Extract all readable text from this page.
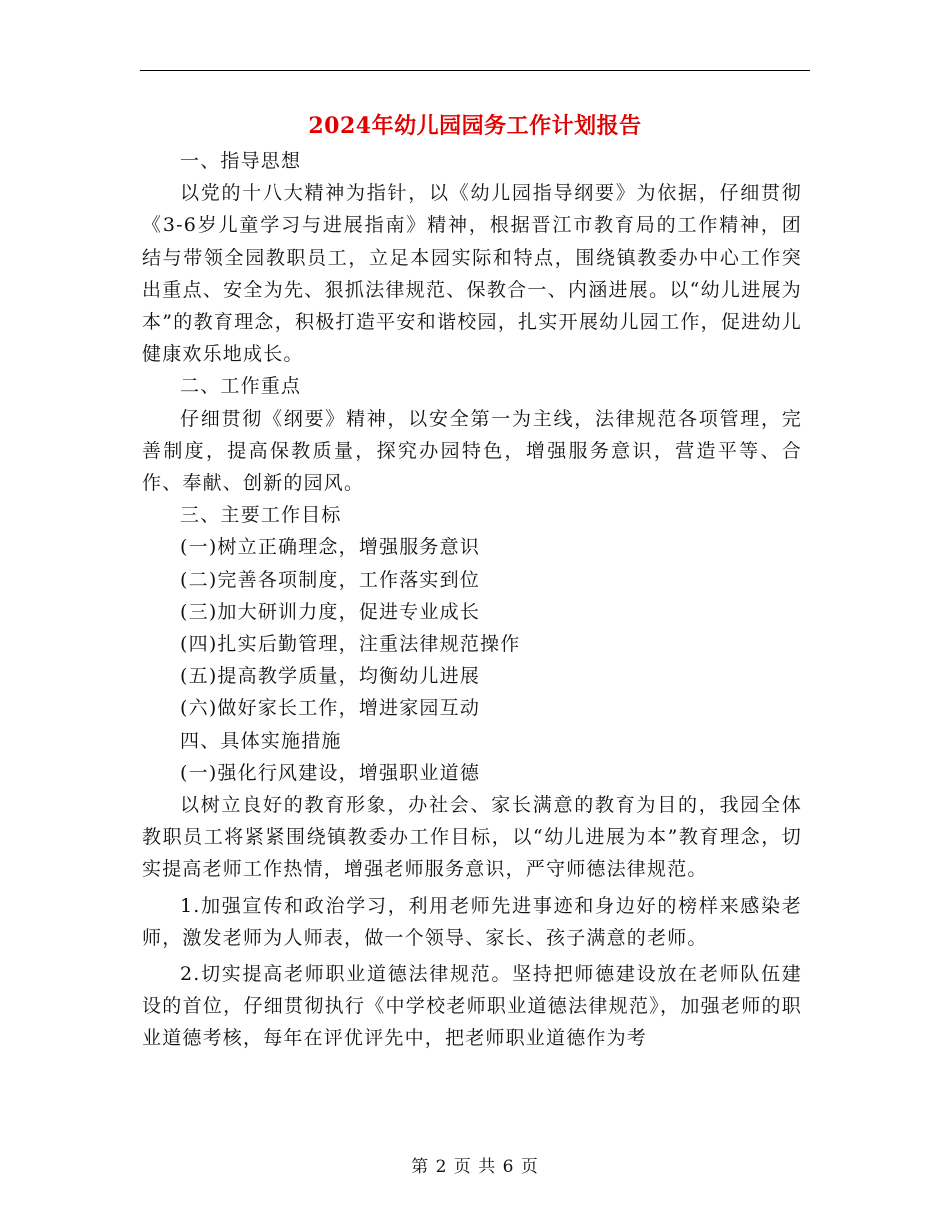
2024年幼儿园园务工作计划报告

一、指导思想

以党的十八大精神为指针，以《幼儿园指导纲要》为依据，仔细贯彻《3-6岁儿童学习与进展指南》精神，根据晋江市教育局的工作精神，团结与带领全园教职员工，立足本园实际和特点，围绕镇教委办中心工作突出重点、安全为先、狠抓法律规范、保教合一、内涵进展。以“幼儿进展为本”的教育理念，积极打造平安和谐校园，扎实开展幼儿园工作，促进幼儿健康欢乐地成长。

二、工作重点

仔细贯彻《纲要》精神，以安全第一为主线，法律规范各项管理，完善制度，提高保教质量，探究办园特色，增强服务意识，营造平等、合作、奉献、创新的园风。

三、主要工作目标

(一)树立正确理念，增强服务意识

(二)完善各项制度，工作落实到位

(三)加大研训力度，促进专业成长

(四)扎实后勤管理，注重法律规范操作

(五)提高教学质量，均衡幼儿进展

(六)做好家长工作，增进家园互动

四、具体实施措施

(一)强化行风建设，增强职业道德

以树立良好的教育形象，办社会、家长满意的教育为目的，我园全体教职员工将紧紧围绕镇教委办工作目标，以“幼儿进展为本”教育理念，切实提高老师工作热情，增强老师服务意识，严守师德法律规范。

1.加强宣传和政治学习，利用老师先进事迹和身边好的榜样来感染老师，激发老师为人师表，做一个领导、家长、孩子满意的老师。

2.切实提高老师职业道德法律规范。坚持把师德建设放在老师队伍建设的首位，仔细贯彻执行《中学校老师职业道德法律规范》，加强老师的职业道德考核，每年在评优评先中，把老师职业道德作为考

第 2 页 共 6 页
